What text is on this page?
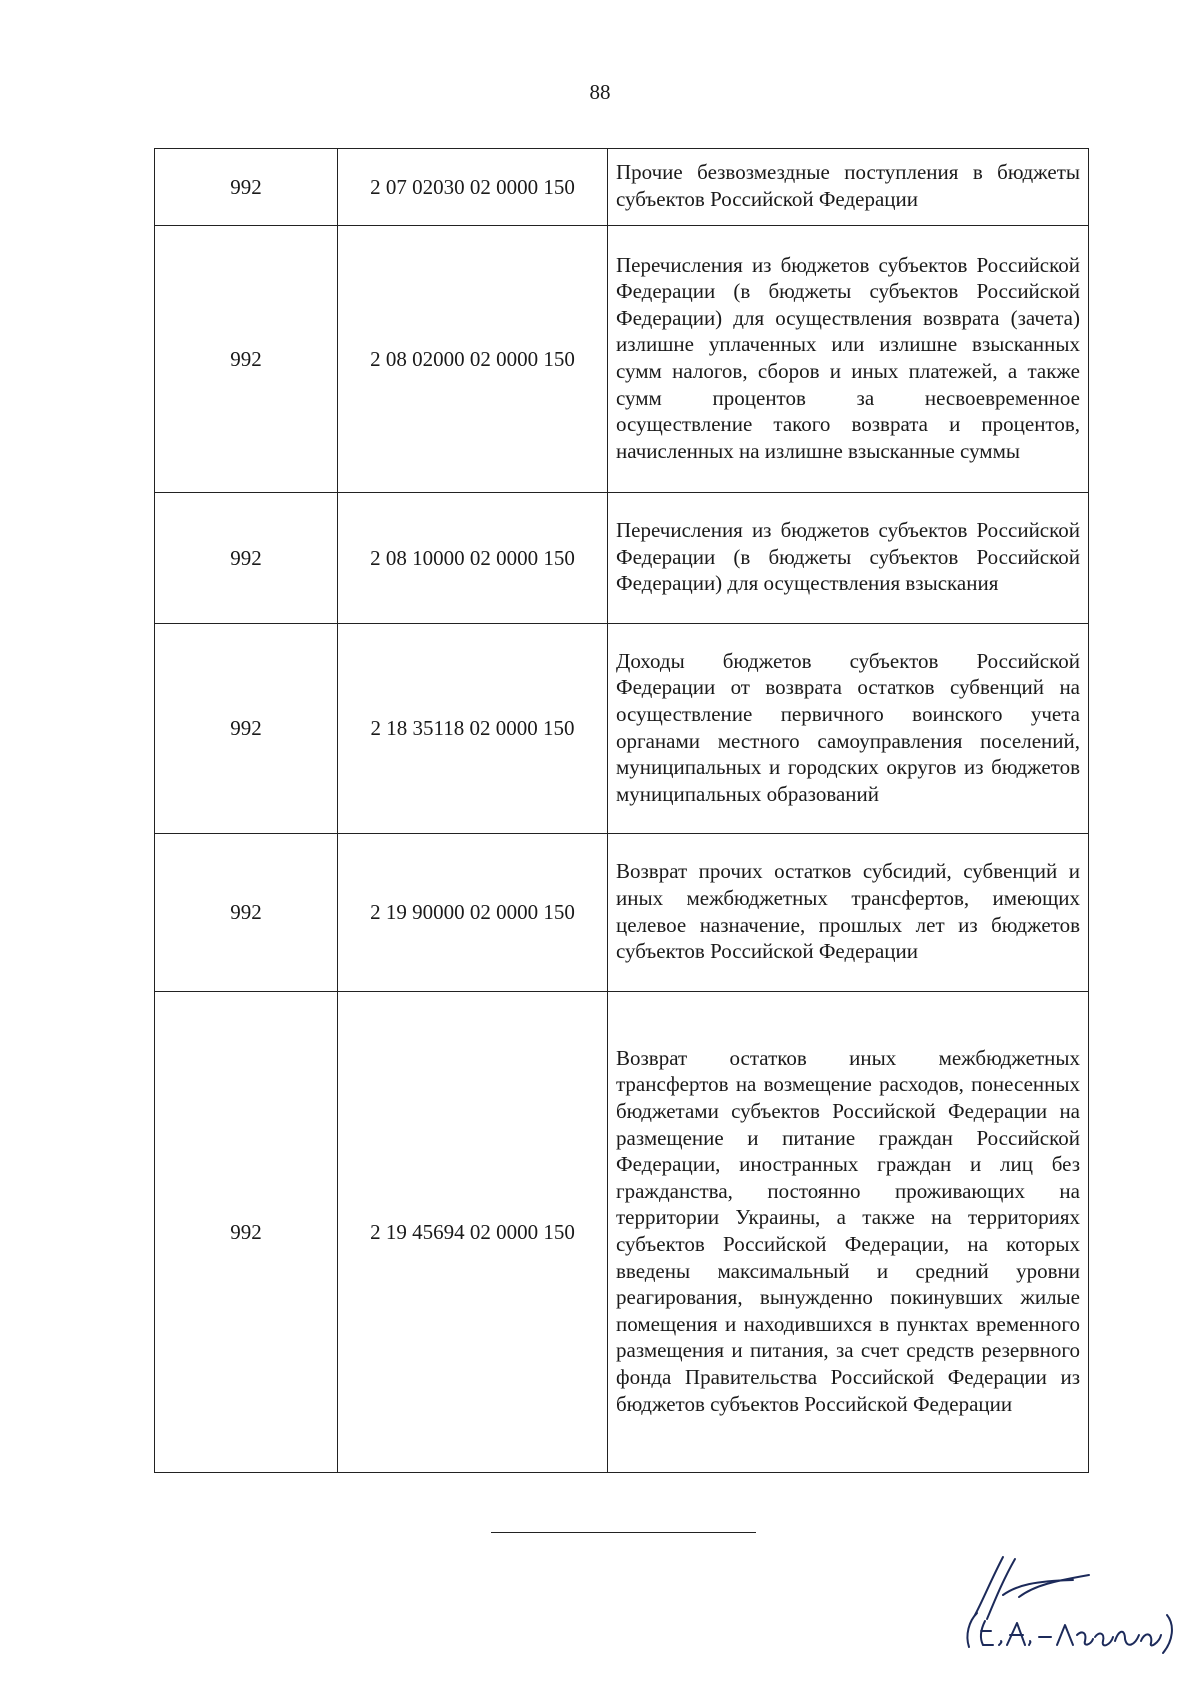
88
992	2 07 02030 02 0000 150	Прочие безвозмездные поступления в бюджеты субъектов Российской Федерации
992	2 08 02000 02 0000 150	Перечисления из бюджетов субъектов Российской Федерации (в бюджеты субъектов Российской Федерации) для осуществления возврата (зачета) излишне уплаченных или излишне взысканных сумм налогов, сборов и иных платежей, а также сумм процентов за несвоевременное осуществление такого возврата и процентов, начисленных на излишне взысканные суммы
992	2 08 10000 02 0000 150	Перечисления из бюджетов субъектов Российской Федерации (в бюджеты субъектов Российской Федерации) для осуществления взыскания
992	2 18 35118 02 0000 150	Доходы бюджетов субъектов Российской Федерации от возврата остатков субвенций на осуществление первичного воинского учета органами местного самоуправления поселений, муниципальных и городских округов из бюджетов муниципальных образований
992	2 19 90000 02 0000 150	Возврат прочих остатков субсидий, субвенций и иных межбюджетных трансфертов, имеющих целевое назначение, прошлых лет из бюджетов субъектов Российской Федерации
992	2 19 45694 02 0000 150	Возврат остатков иных межбюджетных трансфертов на возмещение расходов, понесенных бюджетами субъектов Российской Федерации на размещение и питание граждан Российской Федерации, иностранных граждан и лиц без гражданства, постоянно проживающих на территории Украины, а также на территориях субъектов Российской Федерации, на которых введены максимальный и средний уровни реагирования, вынужденно покинувших жилые помещения и находившихся в пунктах временного размещения и питания, за счет средств резервного фонда Правительства Российской Федерации из бюджетов субъектов Российской Федерации
